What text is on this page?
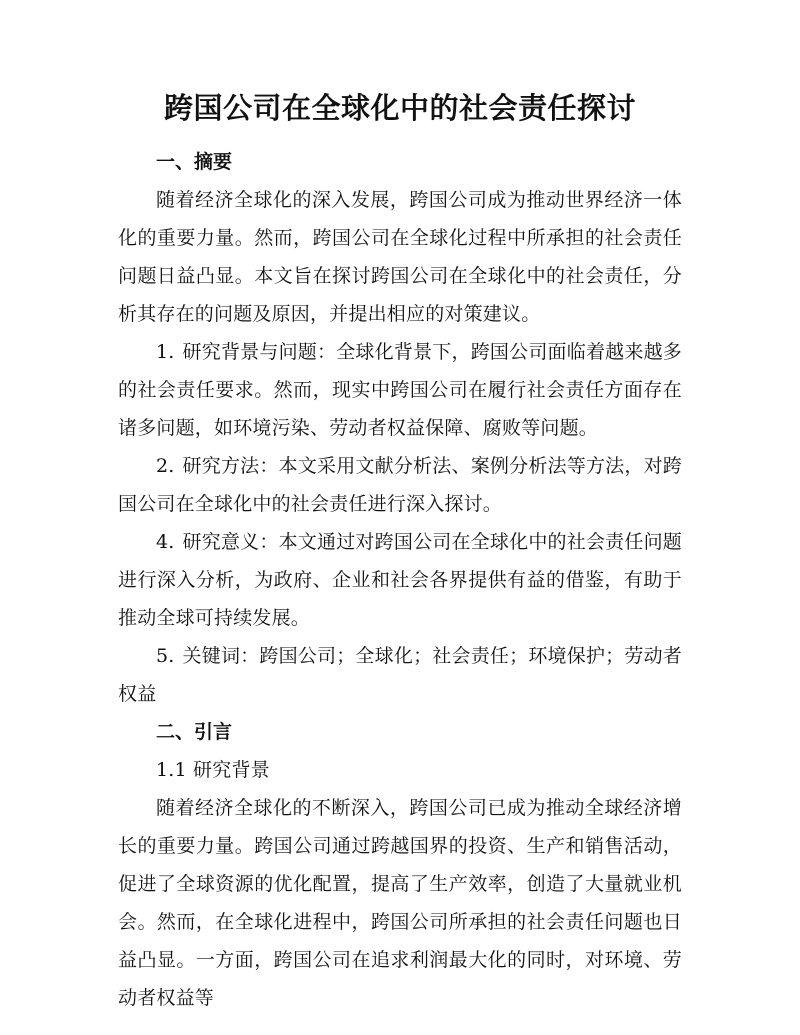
跨国公司在全球化中的社会责任探讨
一、摘要

随着经济全球化的深入发展，跨国公司成为推动世界经济一体化的重要力量。然而，跨国公司在全球化过程中所承担的社会责任问题日益凸显。本文旨在探讨跨国公司在全球化中的社会责任，分析其存在的问题及原因，并提出相应的对策建议。

1. 研究背景与问题：全球化背景下，跨国公司面临着越来越多的社会责任要求。然而，现实中跨国公司在履行社会责任方面存在诸多问题，如环境污染、劳动者权益保障、腐败等问题。

2. 研究方法：本文采用文献分析法、案例分析法等方法，对跨国公司在全球化中的社会责任进行深入探讨。

4. 研究意义：本文通过对跨国公司在全球化中的社会责任问题进行深入分析，为政府、企业和社会各界提供有益的借鉴，有助于推动全球可持续发展。

5. 关键词：跨国公司；全球化；社会责任；环境保护；劳动者权益

二、引言

1.1 研究背景

随着经济全球化的不断深入，跨国公司已成为推动全球经济增长的重要力量。跨国公司通过跨越国界的投资、生产和销售活动，促进了全球资源的优化配置，提高了生产效率，创造了大量就业机会。然而，在全球化进程中，跨国公司所承担的社会责任问题也日益凸显。一方面，跨国公司在追求利润最大化的同时，对环境、劳动者权益等
